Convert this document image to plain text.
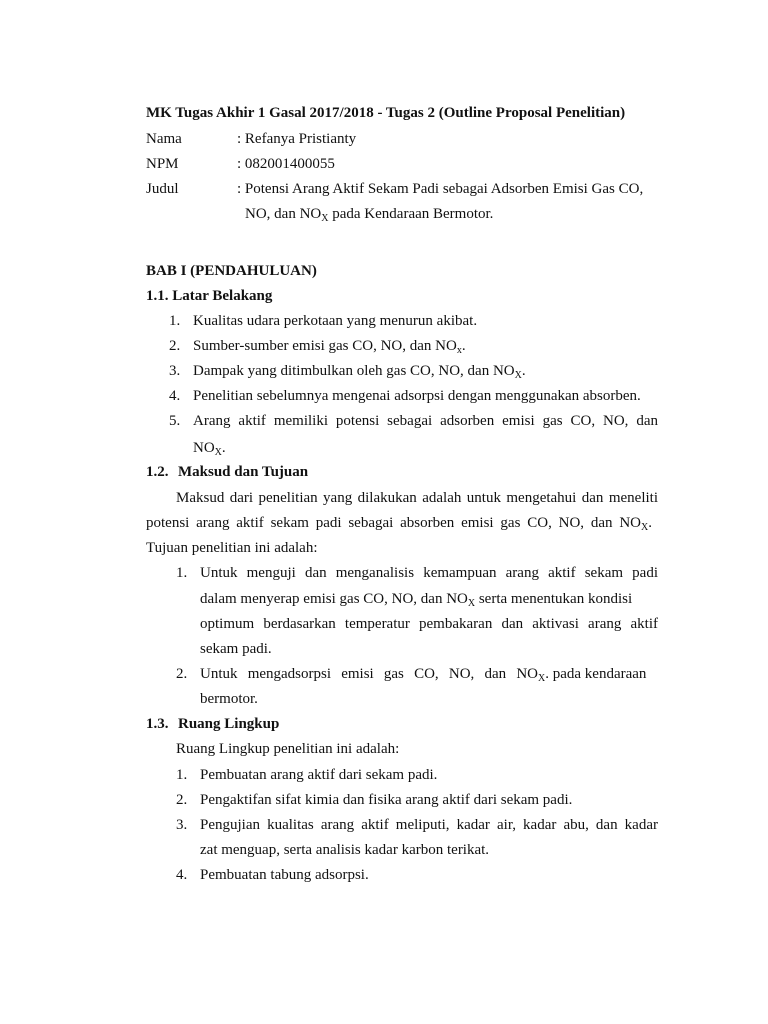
MK Tugas Akhir 1 Gasal 2017/2018 - Tugas 2 (Outline Proposal Penelitian)
Nama	: Refanya Pristianty
NPM	: 082001400055
Judul	: Potensi Arang Aktif Sekam Padi sebagai Adsorben Emisi Gas CO,
NO, dan $NO_X$ pada Kendaraan Bermotor.
BAB I (PENDAHULUAN)
1.1. Latar Belakang
1. Kualitas udara perkotaan yang menurun akibat.
2. Sumber-sumber emisi gas CO, NO, dan $NO_x$.
3. Dampak yang ditimbulkan oleh gas CO, NO, dan $NO_X$.
4. Penelitian sebelumnya mengenai adsorpsi dengan menggunakan absorben.
5. Arang aktif memiliki potensi sebagai adsorben emisi gas CO, NO, dan
$NO_X$.
1.2. Maksud dan Tujuan
Maksud dari penelitian yang dilakukan adalah untuk mengetahui dan meneliti
potensi arang aktif sekam padi sebagai absorben emisi gas CO, NO, dan $NO_X$.
Tujuan penelitian ini adalah:
1. Untuk menguji dan menganalisis kemampuan arang aktif sekam padi
dalam menyerap emisi gas CO, NO, dan $NO_X$ serta menentukan kondisi
optimum berdasarkan temperatur pembakaran dan aktivasi arang aktif
sekam padi.
2. Untuk mengadsorpsi emisi gas CO, NO, dan $NO_X$. pada kendaraan
bermotor.
1.3. Ruang Lingkup
Ruang Lingkup penelitian ini adalah:
1. Pembuatan arang aktif dari sekam padi.
2. Pengaktifan sifat kimia dan fisika arang aktif dari sekam padi.
3. Pengujian kualitas arang aktif meliputi, kadar air, kadar abu, dan kadar
zat menguap, serta analisis kadar karbon terikat.
4. Pembuatan tabung adsorpsi.
